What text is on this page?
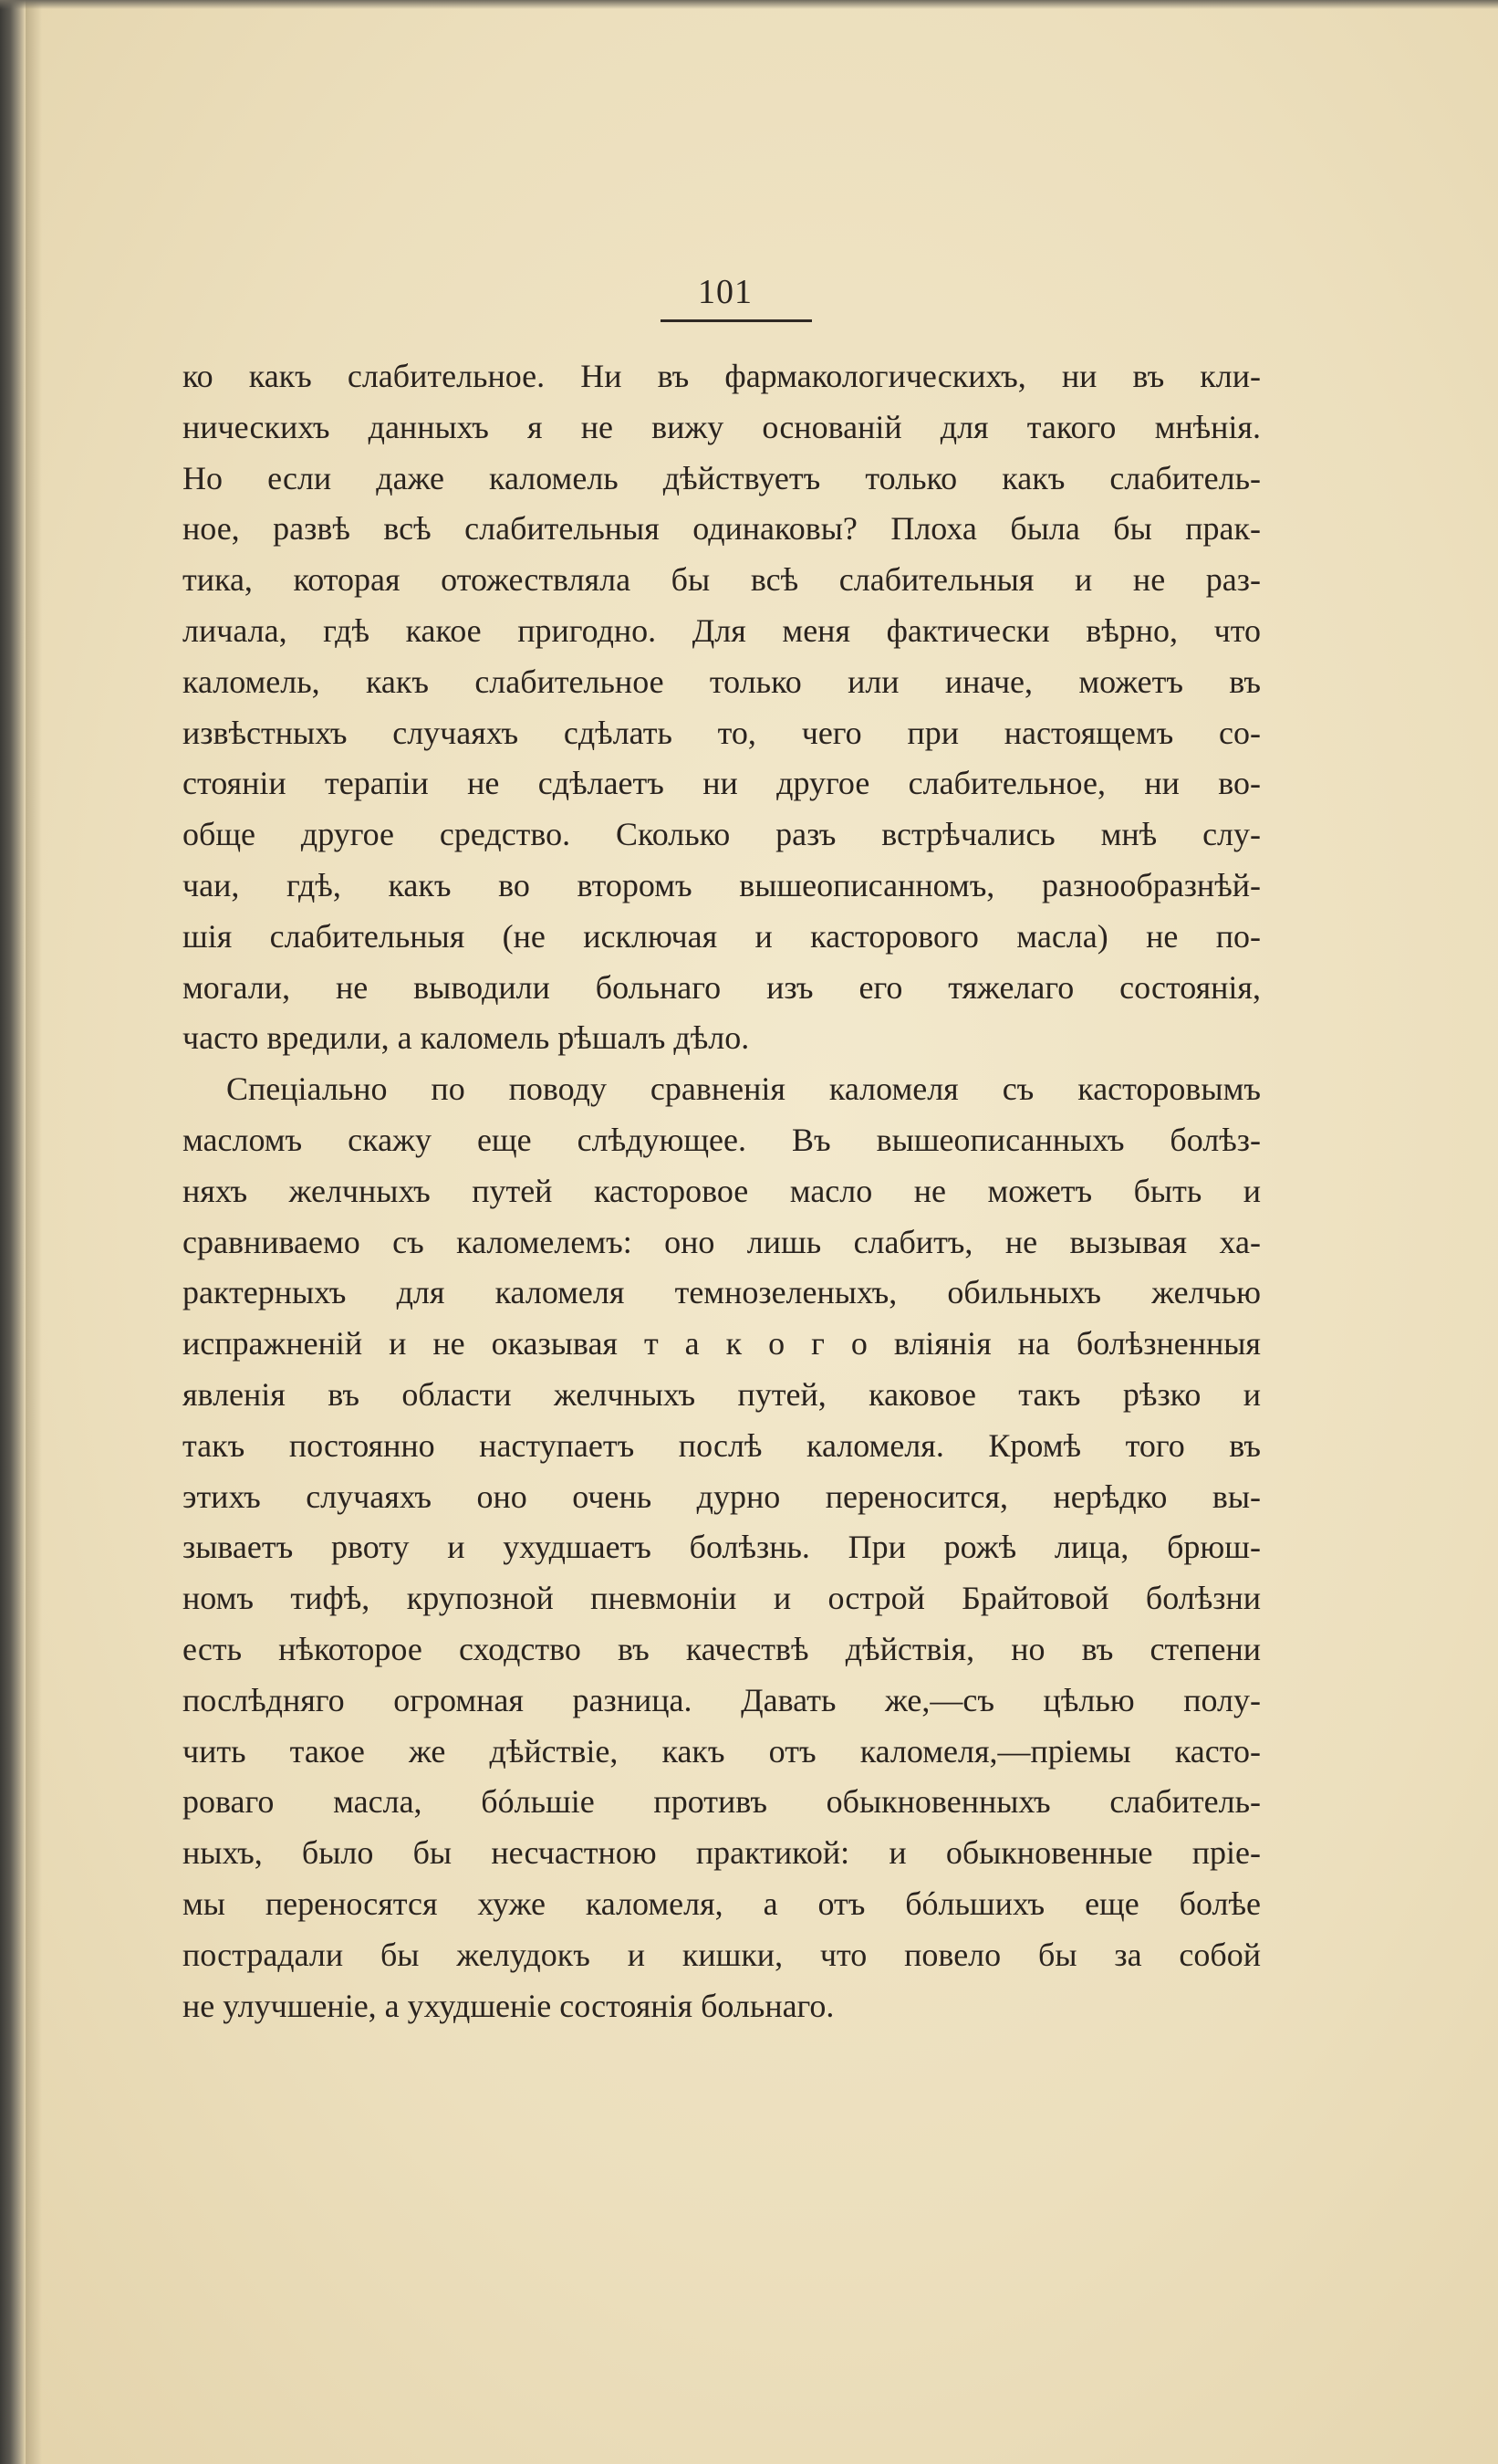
101
ко какъ слабительное. Ни въ фармакологическихъ, ни въ кли-
ническихъ данныхъ я не вижу основаній для такого мнѣнія.
Но если даже каломель дѣйствуетъ только какъ слабитель-
ное, развѣ всѣ слабительныя одинаковы? Плоха была бы прак-
тика, которая отожествляла бы всѣ слабительныя и не раз-
личала, гдѣ какое пригодно. Для меня фактически вѣрно, что
каломель, какъ слабительное только или иначе, можетъ въ
извѣстныхъ случаяхъ сдѣлать то, чего при настоящемъ со-
стояніи терапіи не сдѣлаетъ ни другое слабительное, ни во-
обще другое средство. Сколько разъ встрѣчались мнѣ слу-
чаи, гдѣ, какъ во второмъ вышеописанномъ, разнообразнѣй-
шія слабительныя (не исключая и касторового масла) не по-
могали, не выводили больнаго изъ его тяжелаго состоянія,
часто вредили, а каломель рѣшалъ дѣло.
Спеціально по поводу сравненія каломеля съ касторовымъ
масломъ скажу еще слѣдующее. Въ вышеописанныхъ болѣз-
няхъ желчныхъ путей касторовое масло не можетъ быть и
сравниваемо съ каломелемъ: оно лишь слабитъ, не вызывая ха-
рактерныхъ для каломеля темнозеленыхъ, обильныхъ желчью
испражненій и не оказывая т а к о г о вліянія на болѣзненныя
явленія въ области желчныхъ путей, каковое такъ рѣзко и
такъ постоянно наступаетъ послѣ каломеля. Кромѣ того въ
этихъ случаяхъ оно очень дурно переносится, нерѣдко вы-
зываетъ рвоту и ухудшаетъ болѣзнь. При рожѣ лица, брюш-
номъ тифѣ, крупозной пневмоніи и острой Брайтовой болѣзни
есть нѣкоторое сходство въ качествѣ дѣйствія, но въ степени
послѣдняго огромная разница. Давать же,—съ цѣлью полу-
чить такое же дѣйствіе, какъ отъ каломеля,—пріемы касто-
роваго масла, бóльшіе противъ обыкновенныхъ слабитель-
ныхъ, было бы несчастною практикой: и обыкновенные пріе-
мы переносятся хуже каломеля, а отъ бóльшихъ еще болѣе
пострадали бы желудокъ и кишки, что повело бы за собой
не улучшеніе, а ухудшеніе состоянія больнаго.
